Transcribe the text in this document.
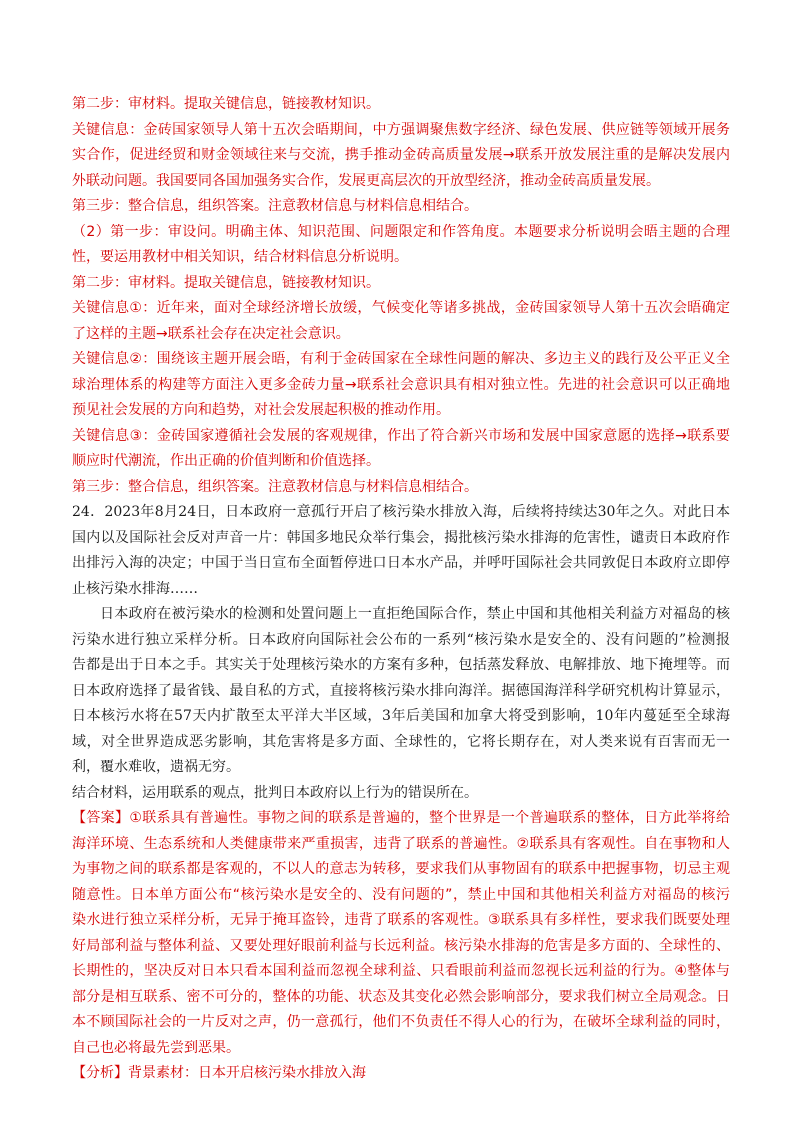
第二步：审材料。提取关键信息，链接教材知识。
关键信息：金砖国家领导人第十五次会晤期间，中方强调聚焦数字经济、绿色发展、供应链等领域开展务
实合作，促进经贸和财金领域往来与交流，携手推动金砖高质量发展→联系开放发展注重的是解决发展内
外联动问题。我国要同各国加强务实合作，发展更高层次的开放型经济，推动金砖高质量发展。
第三步：整合信息，组织答案。注意教材信息与材料信息相结合。
（2）第一步：审设问。明确主体、知识范围、问题限定和作答角度。本题要求分析说明会晤主题的合理
性，要运用教材中相关知识，结合材料信息分析说明。
第二步：审材料。提取关键信息，链接教材知识。
关键信息①：近年来，面对全球经济增长放缓，气候变化等诸多挑战，金砖国家领导人第十五次会晤确定
了这样的主题→联系社会存在决定社会意识。
关键信息②：围绕该主题开展会晤，有利于金砖国家在全球性问题的解决、多边主义的践行及公平正义全
球治理体系的构建等方面注入更多金砖力量→联系社会意识具有相对独立性。先进的社会意识可以正确地
预见社会发展的方向和趋势，对社会发展起积极的推动作用。
关键信息③：金砖国家遵循社会发展的客观规律，作出了符合新兴市场和发展中国家意愿的选择→联系要
顺应时代潮流，作出正确的价值判断和价值选择。
第三步：整合信息，组织答案。注意教材信息与材料信息相结合。
24．2023年8月24日，日本政府一意孤行开启了核污染水排放入海，后续将持续达30年之久。对此日本
国内以及国际社会反对声音一片：韩国多地民众举行集会，揭批核污染水排海的危害性，谴责日本政府作
出排污入海的决定；中国于当日宣布全面暂停进口日本水产品，并呼吁国际社会共同敦促日本政府立即停
止核污染水排海……
日本政府在被污染水的检测和处置问题上一直拒绝国际合作，禁止中国和其他相关利益方对福岛的核
污染水进行独立采样分析。日本政府向国际社会公布的一系列“核污染水是安全的、没有问题的”检测报
告都是出于日本之手。其实关于处理核污染水的方案有多种，包括蒸发释放、电解排放、地下掩埋等。而
日本政府选择了最省钱、最自私的方式，直接将核污染水排向海洋。据德国海洋科学研究机构计算显示，
日本核污水将在57天内扩散至太平洋大半区域，3年后美国和加拿大将受到影响，10年内蔓延至全球海
域，对全世界造成恶劣影响，其危害将是多方面、全球性的，它将长期存在，对人类来说有百害而无一
利，覆水难收，遗祸无穷。
结合材料，运用联系的观点，批判日本政府以上行为的错误所在。
【答案】①联系具有普遍性。事物之间的联系是普遍的，整个世界是一个普遍联系的整体，日方此举将给
海洋环境、生态系统和人类健康带来严重损害，违背了联系的普遍性。②联系具有客观性。自在事物和人
为事物之间的联系都是客观的，不以人的意志为转移，要求我们从事物固有的联系中把握事物，切忌主观
随意性。日本单方面公布“核污染水是安全的、没有问题的”，禁止中国和其他相关利益方对福岛的核污
染水进行独立采样分析，无异于掩耳盗铃，违背了联系的客观性。③联系具有多样性，要求我们既要处理
好局部利益与整体利益、又要处理好眼前利益与长远利益。核污染水排海的危害是多方面的、全球性的、
长期性的，坚决反对日本只看本国利益而忽视全球利益、只看眼前利益而忽视长远利益的行为。④整体与
部分是相互联系、密不可分的，整体的功能、状态及其变化必然会影响部分，要求我们树立全局观念。日
本不顾国际社会的一片反对之声，仍一意孤行，他们不负责任不得人心的行为，在破坏全球利益的同时，
自己也必将最先尝到恶果。
【分析】背景素材：日本开启核污染水排放入海
